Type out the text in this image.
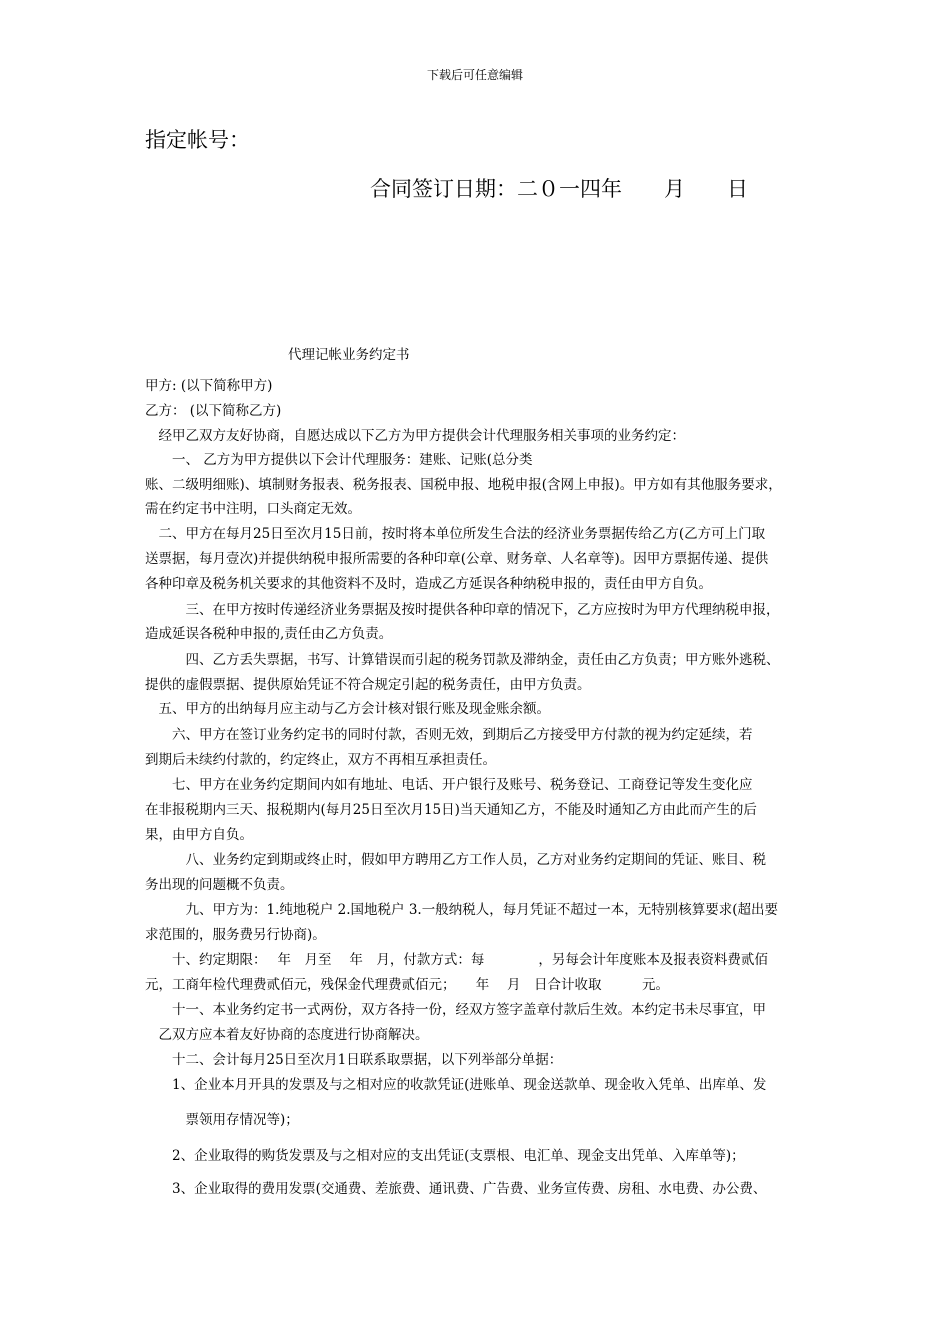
下载后可任意编辑
指定帐号：
合同签订日期：二０一四年　　月　　日
代理记帐业务约定书
甲方: (以下简称甲方)
乙方： (以下简称乙方)
　经甲乙双方友好协商，自愿达成以下乙方为甲方提供会计代理服务相关事项的业务约定：
　　一、 乙方为甲方提供以下会计代理服务：建账、记账(总分类
账、二级明细账)、填制财务报表、税务报表、国税申报、地税申报(含网上申报)。甲方如有其他服务要求，
需在约定书中注明，口头商定无效。
　二、甲方在每月25日至次月15日前，按时将本单位所发生合法的经济业务票据传给乙方(乙方可上门取
送票据，每月壹次)并提供纳税申报所需要的各种印章(公章、财务章、人名章等)。因甲方票据传递、提供
各种印章及税务机关要求的其他资料不及时，造成乙方延误各种纳税申报的，责任由甲方自负。
　　　三、在甲方按时传递经济业务票据及按时提供各种印章的情况下，乙方应按时为甲方代理纳税申报，
造成延误各税种申报的,责任由乙方负责。
　　　四、乙方丢失票据，书写、计算错误而引起的税务罚款及滞纳金，责任由乙方负责；甲方账外逃税、
提供的虚假票据、提供原始凭证不符合规定引起的税务责任，由甲方负责。
　五、甲方的出纳每月应主动与乙方会计核对银行账及现金账余额。
　　六、甲方在签订业务约定书的同时付款，否则无效，到期后乙方接受甲方付款的视为约定延续，若
到期后未续约付款的，约定终止，双方不再相互承担责任。
　　七、甲方在业务约定期间内如有地址、电话、开户银行及账号、税务登记、工商登记等发生变化应
在非报税期内三天、报税期内(每月25日至次月15日)当天通知乙方，不能及时通知乙方由此而产生的后
果，由甲方自负。
　　　八、业务约定到期或终止时，假如甲方聘用乙方工作人员，乙方对业务约定期间的凭证、账目、税
务出现的问题概不负责。
　　　九、甲方为：1.纯地税户 2.国地税户 3.一般纳税人，每月凭证不超过一本，无特别核算要求(超出要
求范围的，服务费另行协商)。
　　十、约定期限：　 年　月至　 年　月，付款方式：每　　　　，另每会计年度账本及报表资料费贰佰
元，工商年检代理费贰佰元，残保金代理费贰佰元；　　年　 月　日合计收取　　　元。
　　十一、本业务约定书一式两份，双方各持一份，经双方签字盖章付款后生效。本约定书未尽事宜，甲
　乙双方应本着友好协商的态度进行协商解决。
　　十二、会计每月25日至次月1日联系取票据，以下列举部分单据：
　　1、企业本月开具的发票及与之相对应的收款凭证(进账单、现金送款单、现金收入凭单、出库单、发
　　　票领用存情况等)；
　　2、企业取得的购货发票及与之相对应的支出凭证(支票根、电汇单、现金支出凭单、入库单等)；
　　3、企业取得的费用发票(交通费、差旅费、通讯费、广告费、业务宣传费、房租、水电费、办公费、
